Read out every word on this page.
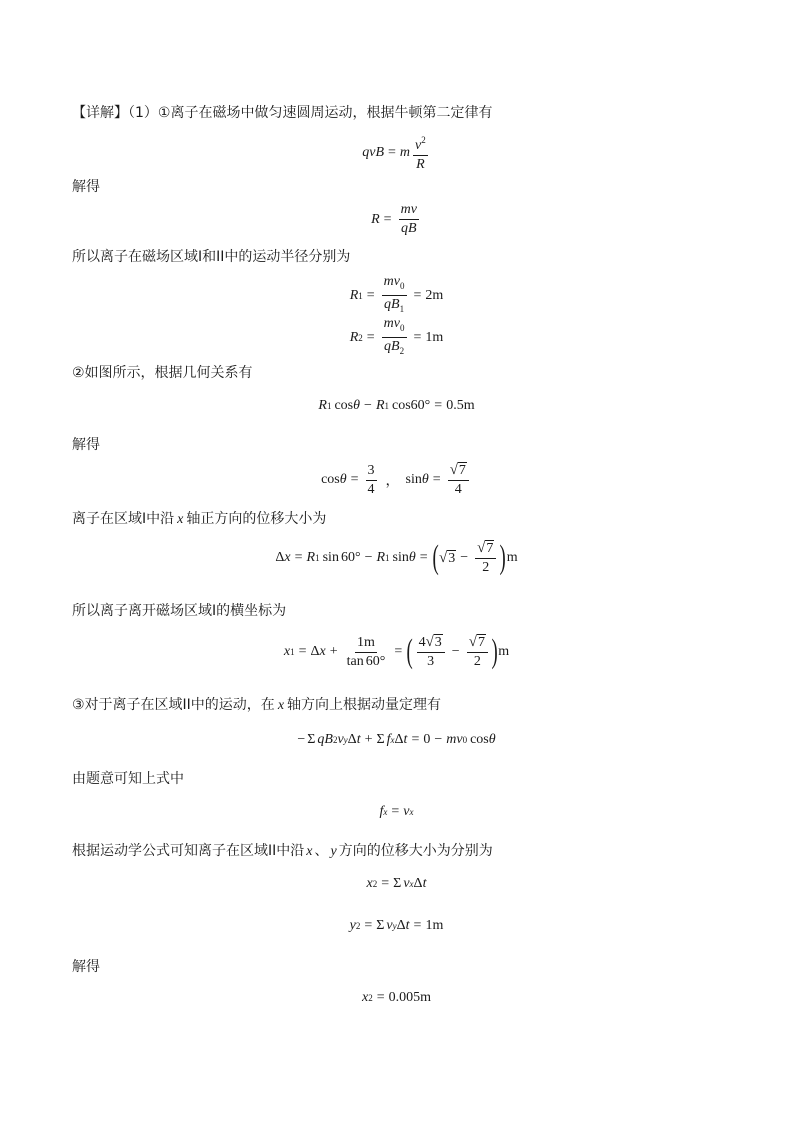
【详解】（1）①离子在磁场中做匀速圆周运动，根据牛顿第二定律有
q v B = m $\frac{v^2}{R}$
解得
$R = \frac{mv}{qB}$
所以离子在磁场区域I和II中的运动半径分别为
R $1 = \frac{mv_0}{qB_1} = 2m$
R $2 = \frac{mv_0}{qB_2} = 1m$
②如图所示，根据几何关系有
R 1 cos θ − R 1 cos 60° = 0.5m
解得
$\cos \theta = \frac{3}{4}$ ， $\sin \theta = \frac{√ 7}{4}$
离子在区域I中沿 x 轴正方向的位移大小为
Δ x = R 1 sin 60° − R 1 sin θ = ( √ $3 - \frac{√ 7}{2}$ ) m
所以离子离开磁场区域I的横坐标为
x 1 = Δ $x + \frac{1m}{\tan 60^\circ}$ = ( $\frac{4 √ 3}{3} - \frac{√ 7}{2}$ ) m
③对于离子在区域II中的运动，在 x 轴方向上根据动量定理有
− Σ q B 2 v y Δ t + Σ f x Δ t = 0 − m v 0 cos θ
由题意可知上式中
f x = v x
根据运动学公式可知离子在区域II中沿 x 、 y 方向的位移大小为分别为
x 2 = Σ v x Δ t
y 2 = Σ v y Δ t = 1m
解得
x 2 = 0.005m
